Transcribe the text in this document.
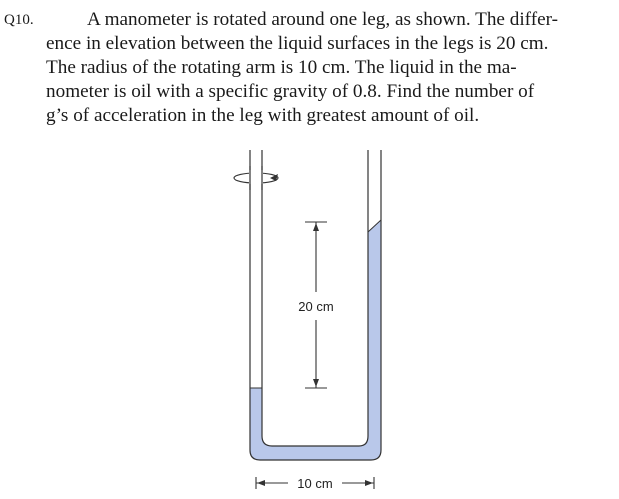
Q10.	A manometer is rotated around one leg, as shown. The differ-
ence in elevation between the liquid surfaces in the legs is 20 cm.
The radius of the rotating arm is 10 cm. The liquid in the ma-
nometer is oil with a specific gravity of 0.8. Find the number of
g’s of acceleration in the leg with greatest amount of oil.
20 cm
10 cm
